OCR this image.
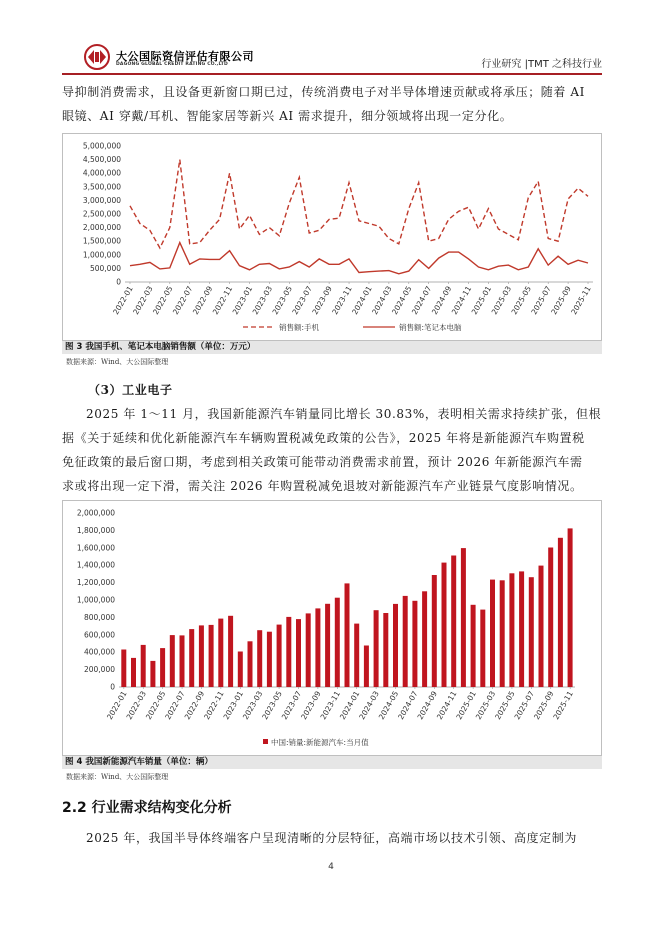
大公国际资信评估有限公司
DAGONG GLOBAL CREDIT RATING CO.,LTD	行业研究 |TMT 之科技行业
导抑制消费需求，且设备更新窗口期已过，传统消费电子对半导体增速贡献或将承压；随着 AI
眼镜、AI 穿戴/耳机、智能家居等新兴 AI 需求提升，细分领域将出现一定分化。
0
500,000
1,000,000
1,500,000
2,000,000
2,500,000
3,000,000
3,500,000
4,000,000
4,500,000
5,000,000
2022-01
2022-03
2022-05
2022-07
2022-09
2022-11
2023-01
2023-03
2023-05
2023-07
2023-09
2023-11
2024-01
2024-03
2024-05
2024-07
2024-09
2024-11
2025-01
2025-03
2025-05
2025-07
2025-09
2025-11
销售额:手机	销售额:笔记本电脑
图 3 我国手机、笔记本电脑销售额（单位：万元）
数据来源：Wind、大公国际整理
（3）工业电子
2025 年 1～11 月，我国新能源汽车销量同比增长 30.83%，表明相关需求持续扩张，但根
据《关于延续和优化新能源汽车车辆购置税减免政策的公告》，2025 年将是新能源汽车购置税
免征政策的最后窗口期，考虑到相关政策可能带动消费需求前置，预计 2026 年新能源汽车需
求或将出现一定下滑，需关注 2026 年购置税减免退坡对新能源汽车产业链景气度影响情况。
0
200,000
400,000
600,000
800,000
1,000,000
1,200,000
1,400,000
1,600,000
1,800,000
2,000,000
2022-01
2022-03
2022-05
2022-07
2022-09
2022-11
2023-01
2023-03
2023-05
2023-07
2023-09
2023-11
2024-01
2024-03
2024-05
2024-07
2024-09
2024-11
2025-01
2025-03
2025-05
2025-07
2025-09
2025-11
中国:销量:新能源汽车:当月值
图 4 我国新能源汽车销量（单位：辆）
数据来源：Wind、大公国际整理
2.2 行业需求结构变化分析
2025 年，我国半导体终端客户呈现清晰的分层特征，高端市场以技术引领、高度定制为
4
